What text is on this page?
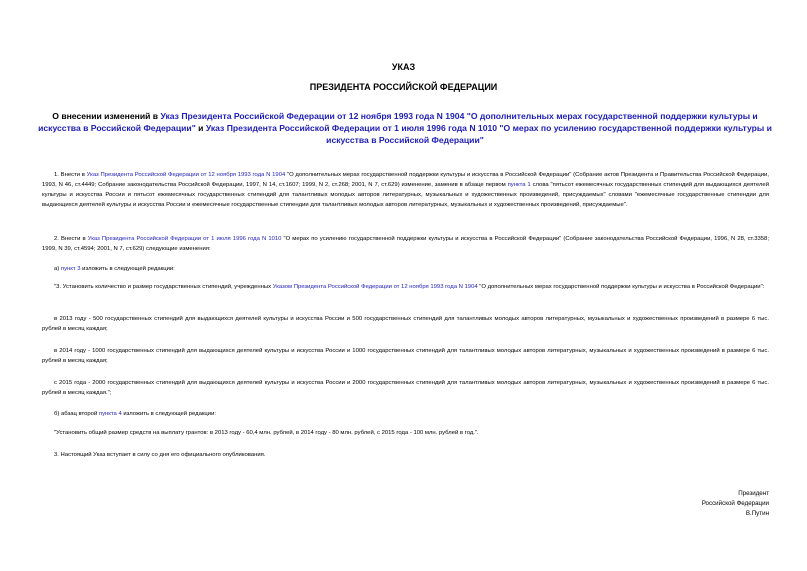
УКАЗ
ПРЕЗИДЕНТА РОССИЙСКОЙ ФЕДЕРАЦИИ
О внесении изменений в Указ Президента Российской Федерации от 12 ноября 1993 года N 1904 "О дополнительных мерах государственной поддержки культуры и искусства в Российской Федерации" и Указ Президента Российской Федерации от 1 июля 1996 года N 1010 "О мерах по усилению государственной поддержки культуры и искусства в Российской Федерации"
1. Внести в Указ Президента Российской Федерации от 12 ноября 1993 года N 1904 "О дополнительных мерах государственной поддержки культуры и искусства в Российской Федерации" (Собрание актов Президента и Правительства Российской Федерации, 1993, N 46, ст.4449; Собрание законодательства Российской Федерации, 1997, N 14, ст.1607; 1999, N 2, ст.268; 2001, N 7, ст.629) изменение, заменив в абзаце первом пункта 1 слова "пятьсот ежемесячных государственных стипендий для выдающихся деятелей культуры и искусства России и пятьсот ежемесячных государственных стипендий для талантливых молодых авторов литературных, музыкальных и художественных произведений, присуждаемых" словами "ежемесячные государственные стипендии для выдающихся деятелей культуры и искусства России и ежемесячные государственные стипендии для талантливых молодых авторов литературных, музыкальных и художественных произведений, присуждаемые".
2. Внести в Указ Президента Российской Федерации от 1 июля 1996 года N 1010 "О мерах по усилению государственной поддержки культуры и искусства в Российской Федерации" (Собрание законодательства Российской Федерации, 1996, N 28, ст.3358; 1999, N 39, ст.4594; 2001, N 7, ст.629) следующие изменения:
а) пункт 3 изложить в следующей редакции:
"3. Установить количество и размер государственных стипендий, учрежденных Указом Президента Российской Федерации от 12 ноября 1993 года N 1904 "О дополнительных мерах государственной поддержки культуры и искусства в Российской Федерации":
в 2013 году - 500 государственных стипендий для выдающихся деятелей культуры и искусства России и 500 государственных стипендий для талантливых молодых авторов литературных, музыкальных и художественных произведений в размере 6 тыс. рублей в месяц каждая;
в 2014 году - 1000 государственных стипендий для выдающихся деятелей культуры и искусства России и 1000 государственных стипендий для талантливых молодых авторов литературных, музыкальных и художественных произведений в размере 6 тыс. рублей в месяц каждая;
с 2015 года - 2000 государственных стипендий для выдающихся деятелей культуры и искусства России и 2000 государственных стипендий для талантливых молодых авторов литературных, музыкальных и художественных произведений в размере 6 тыс. рублей в месяц каждая.";
б) абзац второй пункта 4 изложить в следующей редакции:
"Установить общий размер средств на выплату грантов: в 2013 году - 60,4 млн. рублей, в 2014 году - 80 млн. рублей, с 2015 года - 100 млн. рублей в год.".
3. Настоящий Указ вступает в силу со дня его официального опубликования.
Президент
Российской Федерации
В.Путин
